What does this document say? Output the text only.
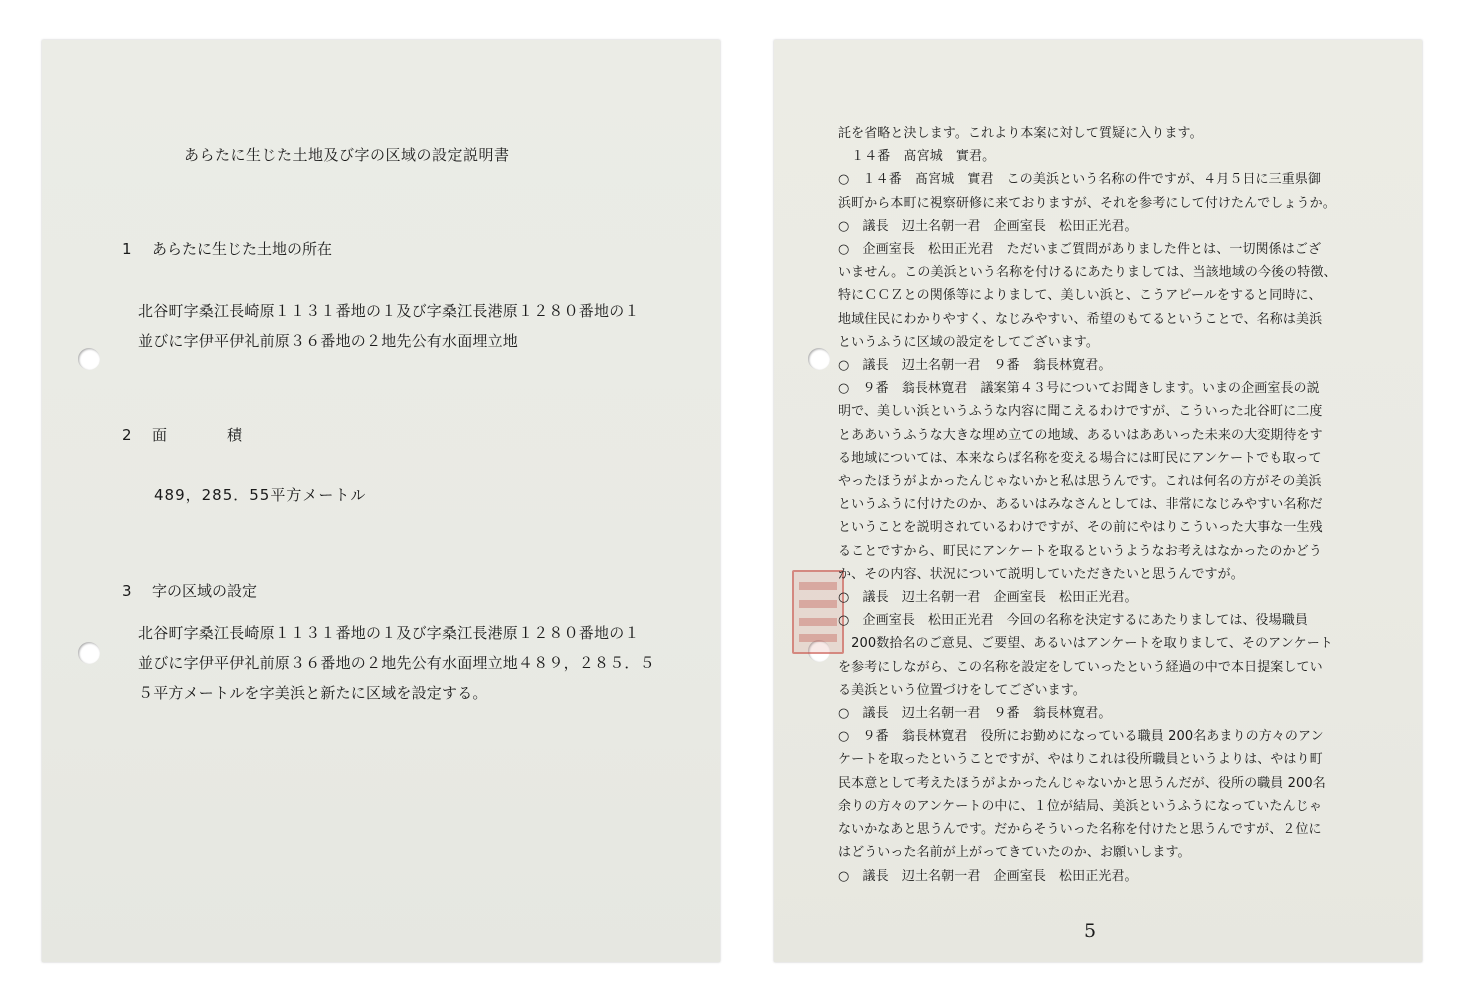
あらたに生じた土地及び字の区域の設定説明書
1 あらたに生じた土地の所在
北谷町字桑江長崎原１１３１番地の１及び字桑江長港原１２８０番地の１
並びに字伊平伊礼前原３６番地の２地先公有水面埋立地
2 面　　　　積
489，285．55平方メートル
3 字の区域の設定
北谷町字桑江長崎原１１３１番地の１及び字桑江長港原１２８０番地の１
並びに字伊平伊礼前原３６番地の２地先公有水面埋立地４８９，２８５．５
５平方メートルを字美浜と新たに区域を設定する。
託を省略と決します。これより本案に対して質疑に入ります。
　１４番　髙宮城　實君。
○　１４番　髙宮城　實君　この美浜という名称の件ですが、４月５日に三重県御
浜町から本町に視察研修に来ておりますが、それを参考にして付けたんでしょうか。
○　議長　辺土名朝一君　企画室長　松田正光君。
○　企画室長　松田正光君　ただいまご質問がありました件とは、一切関係はござ
いません。この美浜という名称を付けるにあたりましては、当該地域の今後の特徴、
特にＣＣＺとの関係等によりまして、美しい浜と、こうアピールをすると同時に、
地域住民にわかりやすく、なじみやすい、希望のもてるということで、名称は美浜
というふうに区域の設定をしてございます。
○　議長　辺土名朝一君　９番　翁長林寛君。
○　９番　翁長林寛君　議案第４３号についてお聞きします。いまの企画室長の説
明で、美しい浜というふうな内容に聞こえるわけですが、こういった北谷町に二度
とああいうふうな大きな埋め立ての地域、あるいはああいった未来の大変期待をす
る地域については、本来ならば名称を変える場合には町民にアンケートでも取って
やったほうがよかったんじゃないかと私は思うんです。これは何名の方がその美浜
というふうに付けたのか、あるいはみなさんとしては、非常になじみやすい名称だ
ということを説明されているわけですが、その前にやはりこういった大事な一生残
ることですから、町民にアンケートを取るというようなお考えはなかったのかどう
か、その内容、状況について説明していただきたいと思うんですが。
○　議長　辺土名朝一君　企画室長　松田正光君。
○　企画室長　松田正光君　今回の名称を決定するにあたりましては、役場職員
　200数拾名のご意見、ご要望、あるいはアンケートを取りまして、そのアンケート
を参考にしながら、この名称を設定をしていったという経過の中で本日提案してい
る美浜という位置づけをしてございます。
○　議長　辺土名朝一君　９番　翁長林寛君。
○　９番　翁長林寛君　役所にお勤めになっている職員 200名あまりの方々のアン
ケートを取ったということですが、やはりこれは役所職員というよりは、やはり町
民本意として考えたほうがよかったんじゃないかと思うんだが、役所の職員 200名
余りの方々のアンケートの中に、１位が結局、美浜というふうになっていたんじゃ
ないかなあと思うんです。だからそういった名称を付けたと思うんですが、２位に
はどういった名前が上がってきていたのか、お願いします。
○　議長　辺土名朝一君　企画室長　松田正光君。
5
